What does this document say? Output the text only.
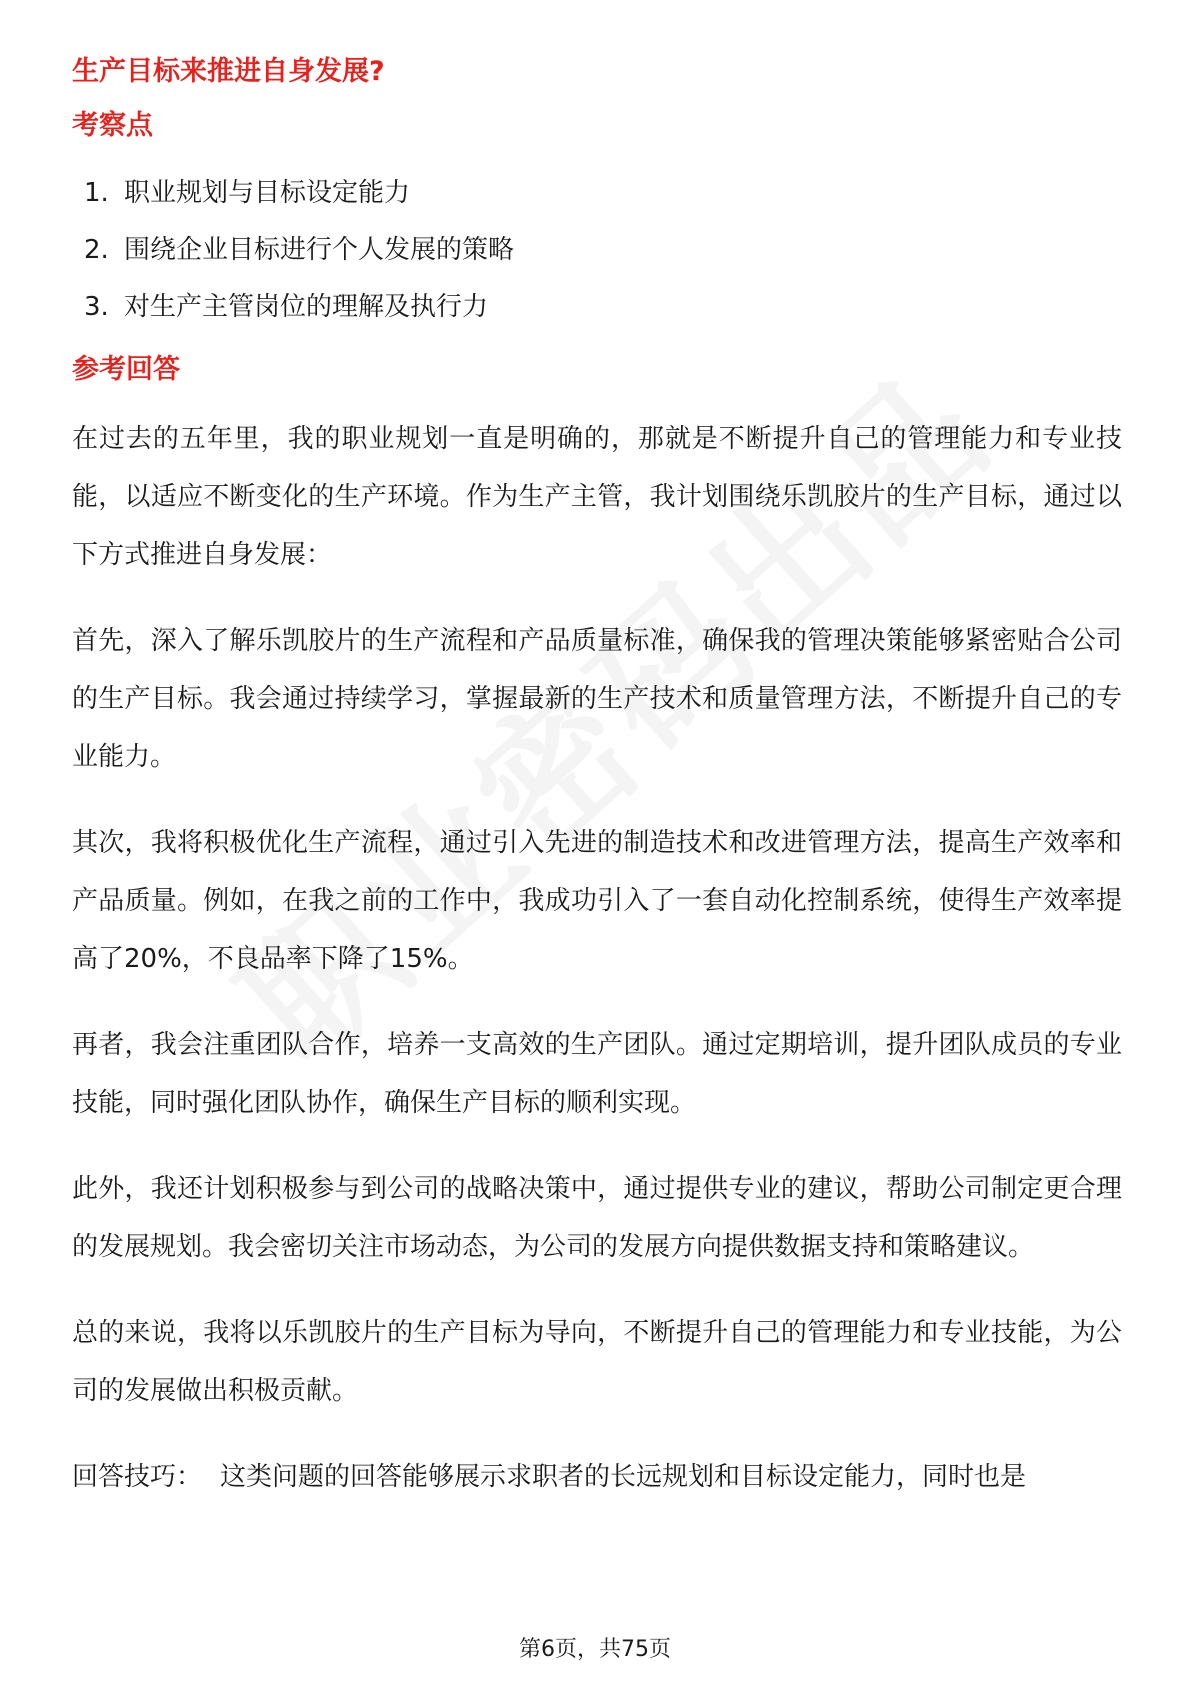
生产目标来推进自身发展?
考察点
1. 职业规划与目标设定能力
2. 围绕企业目标进行个人发展的策略
3. 对生产主管岗位的理解及执行力
参考回答

在过去的五年里，我的职业规划一直是明确的，那就是不断提升自己的管理能力和专业技能，以适应不断变化的生产环境。作为生产主管，我计划围绕乐凯胶片的生产目标，通过以下方式推进自身发展：

首先，深入了解乐凯胶片的生产流程和产品质量标准，确保我的管理决策能够紧密贴合公司的生产目标。我会通过持续学习，掌握最新的生产技术和质量管理方法，不断提升自己的专业能力。

其次，我将积极优化生产流程，通过引入先进的制造技术和改进管理方法，提高生产效率和产品质量。例如，在我之前的工作中，我成功引入了一套自动化控制系统，使得生产效率提高了20%，不良品率下降了15%。

再者，我会注重团队合作，培养一支高效的生产团队。通过定期培训，提升团队成员的专业技能，同时强化团队协作，确保生产目标的顺利实现。

此外，我还计划积极参与到公司的战略决策中，通过提供专业的建议，帮助公司制定更合理的发展规划。我会密切关注市场动态，为公司的发展方向提供数据支持和策略建议。

总的来说，我将以乐凯胶片的生产目标为导向，不断提升自己的管理能力和专业技能，为公司的发展做出积极贡献。

回答技巧： 这类问题的回答能够展示求职者的长远规划和目标设定能力，同时也是

第6页，共75页
